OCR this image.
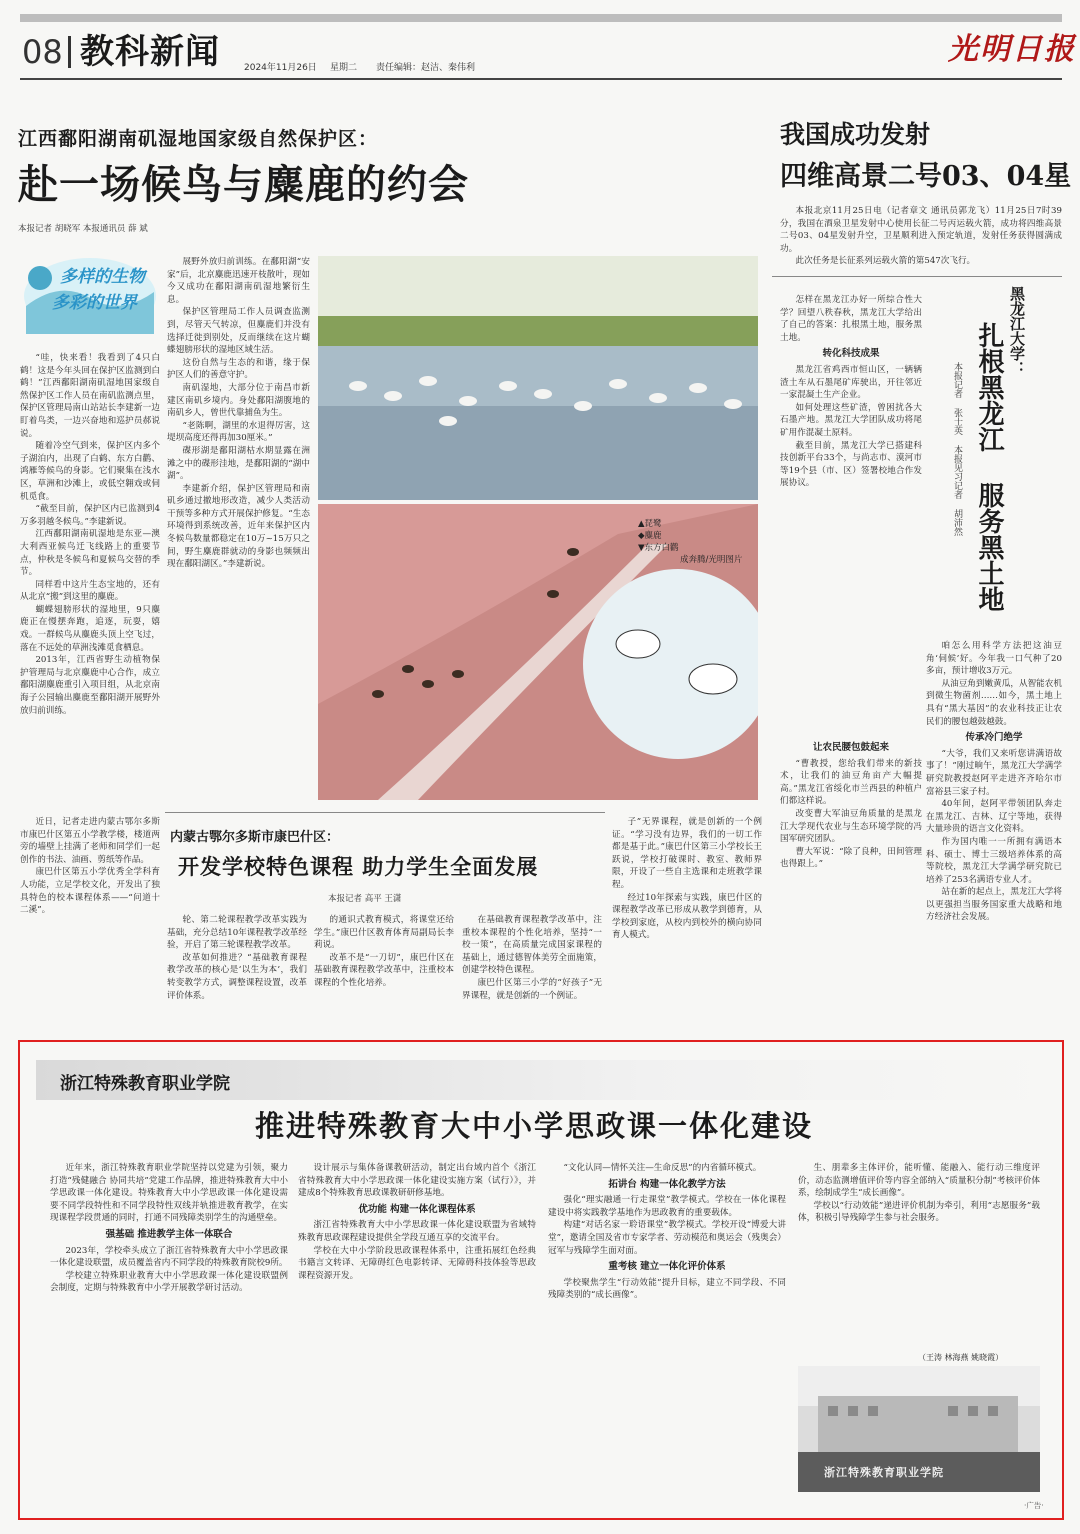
08 教科新闻	2024年11月26日 星期二 责任编辑：赵洁、秦伟利
光明日报
江西鄱阳湖南矶湿地国家级自然保护区：
赴一场候鸟与麋鹿的约会
本报记者 胡晓军 本报通讯员 薛 斌
多样的生物
多彩的世界

“哇，快来看！我看到了4只白鹤！这是今年头回在保护区监测到白鹤！”江西鄱阳湖南矶湿地国家级自然保护区工作人员在南矶监测点里，保护区管理局南山站站长李建新一边盯着鸟类，一边兴奋地和巡护员郝说说。

随着冷空气到来，保护区内多个子湖泊内，出现了白鹤、东方白鹳、鸿雁等候鸟的身影。它们聚集在浅水区，草洲和沙滩上，或低空翱戏或伺机觅食。

“截至目前，保护区内已监测到4万多羽越冬候鸟。”李建新说。

江西鄱阳湖南矶湿地是东亚—澳大利西亚候鸟迁飞线路上的重要节点，仲秋是冬候鸟和夏候鸟交替的季节。

同样看中这片生态宝地的，还有从北京“搬”到这里的麋鹿。

蝴蝶翅膀形状的湿地里，9只麋鹿正在慢摆奔跑，追逐，玩耍，嬉戏。一群候鸟从麋鹿头顶上空飞过，落在不远处的草洲浅滩觅食栖息。

2013年，江西省野生动植物保护管理局与北京麋鹿中心合作，成立鄱阳湖麋鹿重引入项目组，从北京南海子公园输出麋鹿至鄱阳湖开展野外放归前训练。

展野外放归前训练。在鄱阳湖“安家”后，北京麋鹿迅速开枝散叶，现如今又成功在鄱阳湖南矶湿地繁衍生息。

保护区管理局工作人员调查监测到，尽管天气转凉，但麋鹿们并没有选择迁徙到别处，反而继续在这片蝴蝶翅膀形状的湿地区域生活。

这份自然与生态的和谐，缘于保护区人们的善意守护。

南矶湿地，大部分位于南昌市新建区南矶乡境内。身处鄱阳湖腹地的南矶乡人，曾世代靠捕鱼为生。

“老陈啊，湖里的水退得厉害，这堤坝高度还得再加30厘米。”

碟形湖是鄱阳湖枯水期显露在洲滩之中的碟形洼地，是鄱阳湖的“湖中湖”。

李建新介绍，保护区管理局和南矶乡通过撤地形改造，减少人类活动干预等多种方式开展保护修复。“生态环境得到系统改善，近年来保护区内冬候鸟数量都稳定在10万~15万只之间，野生麋鹿群就动的身影也频频出现在鄱阳湖区。”李建新说。

▲琵鹭
◆麋鹿
▼东方白鹳
成奔腾/光明图片

近日，记者走进内蒙古鄂尔多斯市康巴什区第五小学教学楼，楼道两旁的墙壁上挂满了老师和同学们一起创作的书法、油画、剪纸等作品。

康巴什区第五小学优秀全学科育人功能，立足学校文化，开发出了独具特色的校本课程体系——“问道十二溪”。

我国成功发射
四维高景二号03、04星

本报北京11月25日电（记者章文 通讯员郭龙飞）11月25日7时39分，我国在酒泉卫星发射中心使用长征二号丙运载火箭，成功将四维高景二号03、04星发射升空，卫星顺利进入预定轨道，发射任务获得圆满成功。

此次任务是长征系列运载火箭的第547次飞行。

怎样在黑龙江办好一所综合性大学？回望八秩春秋，黑龙江大学给出了自己的答案：扎根黑土地，服务黑土地。

转化科技成果

黑龙江省鸡西市恒山区，一辆辆渣土车从石墨尾矿库驶出，开往邻近一家混凝土生产企业。

如何处理这些矿渣，曾困扰各大石墨产地。黑龙江大学团队成功将尾矿用作混凝土原料。

截至目前，黑龙江大学已搭建科技创新平台33个，与尚志市、漠河市等19个县（市、区）签署校地合作发展协议。

黑龙江大学：
扎根黑龙江 服务黑土地
本报记者 张士英 本报见习记者 胡沛然
让农民腰包鼓起来

“曹教授，您给我们带来的新技术，让我们的油豆角亩产大幅提高。”黑龙江省绥化市兰西县的种植户们都这样说。

改变曹大军油豆角质量的是黑龙江大学现代农业与生态环境学院的冯国军研究团队。

曹大军说：“除了良种，田间管理也得跟上。”

咱怎么用科学方法把这油豆角‘伺候’好。今年我一口气种了20多亩，预计增收3万元。

从油豆角到嫩黄瓜，从智能农机到微生物菌剂……如今，黑土地上具有“黑大基因”的农业科技正让农民们的腰包越鼓越鼓。

传承冷门绝学

“大爷，我们又来听您讲满语故事了！”刚过晌午，黑龙江大学满学研究院教授赵阿平走进齐齐哈尔市富裕县三家子村。

40年间，赵阿平带领团队奔走在黑龙江、吉林、辽宁等地，获得大量珍贵的语言文化资料。

作为国内唯一一所拥有满语本科、硕士、博士三级培养体系的高等院校，黑龙江大学满学研究院已培养了253名满语专业人才。

站在新的起点上，黑龙江大学将以更强担当服务国家重大战略和地方经济社会发展。

内蒙古鄂尔多斯市康巴什区：
开发学校特色课程 助力学生全面发展
本报记者 高平 王潇

轮、第二轮课程教学改革实践为基础，充分总结10年课程教学改革经验，开启了第三轮课程教学改革。

改革如何推进？“基础教育课程教学改革的核心是‘以生为本’，我们转变教学方式，调整课程设置，改革评价体系。

的通识式教育模式，将课堂还给学生。”康巴什区教育体育局副局长李莉说。

改革不是“一刀切”，康巴什区在基础教育课程教学改革中，注重校本课程的个性化培养。

在基础教育课程教学改革中，注重校本课程的个性化培养，坚持“一校一策”，在高质量完成国家课程的基础上，通过德智体美劳全面施策，创建学校特色课程。

康巴什区第三小学的“好孩子”无界课程，就是创新的一个例证。

子”无界课程，就是创新的一个例证。“学习没有边界，我们的一切工作都是基于此。”康巴什区第三小学校长王跃说，学校打破课时、教室、教师界限，开设了一些自主选课和走班教学课程。

经过10年探索与实践，康巴什区的课程教学改革已形成从教学到德育，从学校到家庭，从校内到校外的横向协同育人模式。

浙江特殊教育职业学院
推进特殊教育大中小学思政课一体化建设

近年来，浙江特殊教育职业学院坚持以党建为引领，聚力打造“残健融合 协同共培”党建工作品牌，推进特殊教育大中小学思政课一体化建设。特殊教育大中小学思政课一体化建设需要不同学段特性和不同学段特性双线并轨推进教育教学，在实现课程学段贯通的同时，打通不同残障类别学生的沟通壁垒。

强基础 推进教学主体一体联合

2023年，学校牵头成立了浙江省特殊教育大中小学思政课一体化建设联盟，成员覆盖省内不同学段的特殊教育院校9所。

学校建立特殊职业教育大中小学思政课一体化建设联盟例会制度，定期与特殊教育中小学开展教学研讨活动。

设计展示与集体备课教研活动，制定出台域内首个《浙江省特殊教育大中小学思政课一体化建设实施方案（试行）》，并建成8个特殊教育思政课教研研修基地。

优功能 构建一体化课程体系

浙江省特殊教育大中小学思政课一体化建设联盟为省域特殊教育思政课程建设提供全学段互通互享的交流平台。

学校在大中小学阶段思政课程体系中，注重拓展红色经典书籍言文转译、无障碍红色电影转译、无障碍科技体验等思政课程资源开发。

“文化认同—情怀关注—生命反思”的内省循环模式。

拓讲台 构建一体化教学方法

强化“理实融通一行走课堂”教学模式。学校在一体化课程建设中将实践教学基地作为思政教育的重要载体。

构建“对话名家一聆语课堂”教学模式。学校开设“博爱大讲堂”，邀请全国及省市专家学者、劳动模范和奥运会（残奥会）冠军与残障学生面对面。

重考核 建立一体化评价体系

学校聚焦学生“行动效能”提升目标，建立不同学段、不同残障类别的“成长画像”。

生、朋辈多主体评价，能听懂、能融入、能行动三维度评价，动态监测增值评价等内容全部纳入“质量积分制”考核评价体系，绘制成学生“成长画像”。

学校以“行动效能”递进评价机制为牵引，利用“志愿服务”载体，积极引导残障学生参与社会服务。

（王涛 林海燕 姚晓霞）
浙江特殊教育职业学院
·广告·
